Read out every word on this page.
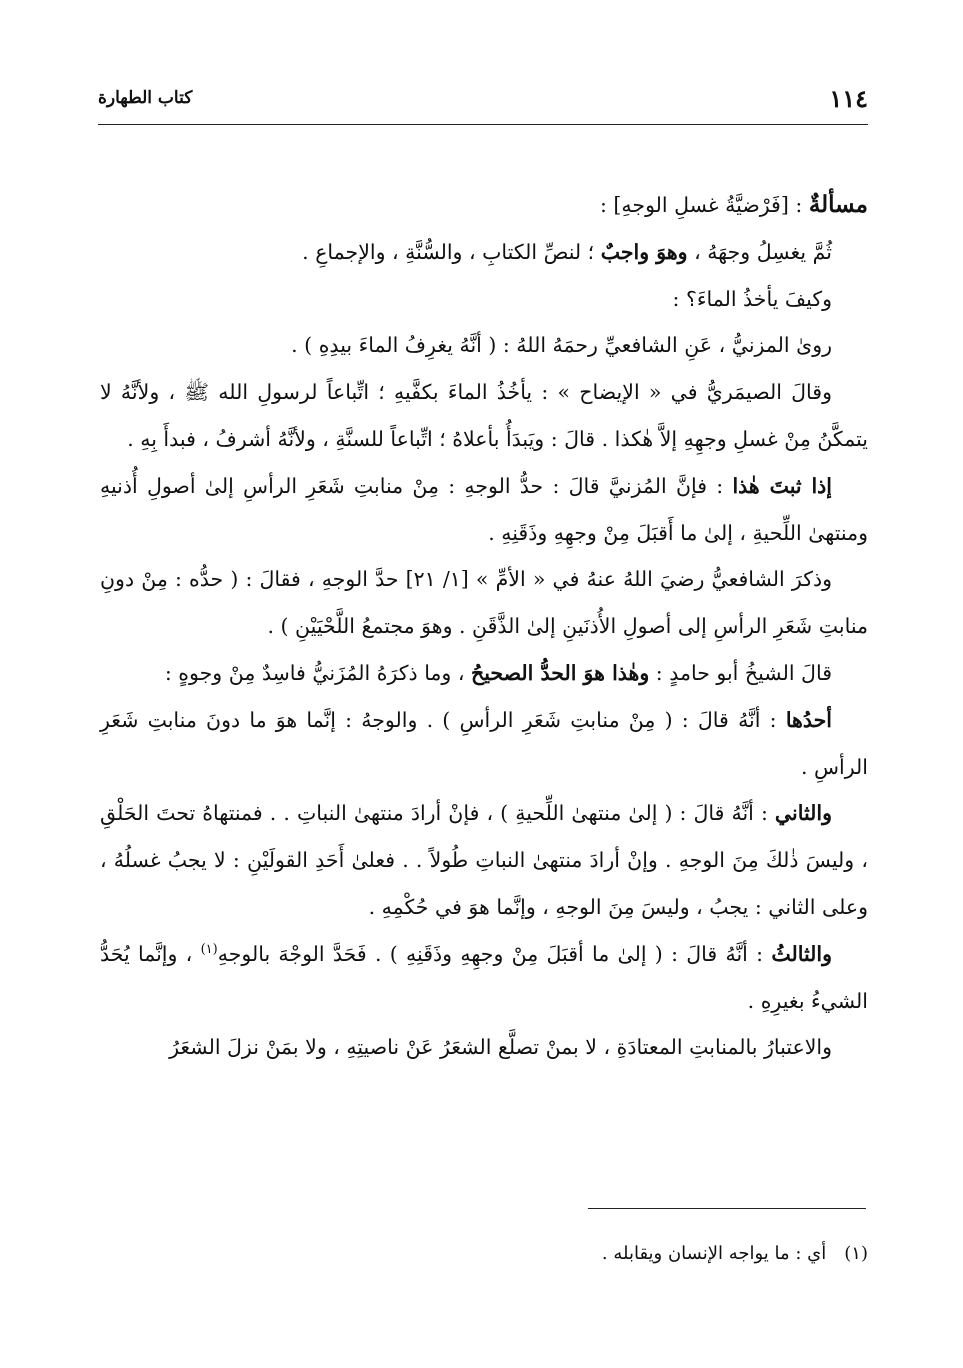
١١٤
كتاب الطهارة

مسألةٌ : [فَرْضيَّةُ غسلِ الوجهِ] :

ثُمَّ يغسِلُ وجهَهُ ، وهوَ واجبٌ ؛ لنصِّ الكتابِ ، والسُّنَّةِ ، والإجماعِ .

وكيفَ يأخذُ الماءَ؟ :

روىٰ المزنيُّ ، عَنِ الشافعيِّ رحمَهُ اللهُ : ( أنَّهُ يغرِفُ الماءَ بيدِهِ ) .

وقالَ الصيمَريُّ في « الإيضاح » : يأخُذُ الماءَ بكفَّيهِ ؛ اتِّباعاً لرسولِ الله ﷺ ، ولأنَّهُ لا يتمكَّنُ مِنْ غسلِ وجهِهِ إلاَّ هٰكذا . قالَ : ويَبدَأُ بأعلاهُ ؛ اتِّباعاً للسنَّةِ ، ولأنَّهُ أشرفُ ، فبدأَ بِهِ .

إذا ثبتَ هٰذا : فإنَّ المُزنيَّ قالَ : حدُّ الوجهِ : مِنْ منابتِ شَعَرِ الرأسِ إلىٰ أصولِ أُذنيهِ ومنتهىٰ اللِّحيةِ ، إلىٰ ما أَقبَلَ مِنْ وجهِهِ وذَقَنِهِ .

وذكرَ الشافعيُّ رضيَ اللهُ عنهُ في « الأمِّ » [١/ ٢١] حدَّ الوجهِ ، فقالَ : ( حدُّه : مِنْ دونِ منابتِ شَعَرِ الرأسِ إلى أصولِ الأُذنَينِ إلىٰ الذَّقَنِ . وهوَ مجتمعُ اللَّحْيَيْنِ ) .

قالَ الشيخُ أبو حامدٍ : وهٰذا هوَ الحدُّ الصحيحُ ، وما ذكرَهُ المُزَنيُّ فاسِدٌ مِنْ وجوهٍ :

أحدُها : أنَّهُ قالَ : ( مِنْ منابتِ شَعَرِ الرأسِ ) . والوجهُ : إنَّما هوَ ما دونَ منابتِ شَعَرِ الرأسِ .

والثاني : أنَّهُ قالَ : ( إلىٰ منتهىٰ اللِّحيةِ ) ، فإنْ أرادَ منتهىٰ النباتِ . . فمنتهاهُ تحتَ الحَلْقِ ، وليسَ ذٰلكَ مِنَ الوجهِ . وإنْ أرادَ منتهىٰ النباتِ طُولاً . . فعلىٰ أَحَدِ القولَيْنِ : لا يجبُ غسلُهُ ، وعلى الثاني : يجبُ ، وليسَ مِنَ الوجهِ ، وإنَّما هوَ في حُكْمِهِ .

والثالثُ : أنَّهُ قالَ : ( إلىٰ ما أقبَلَ مِنْ وجهِهِ وذَقَنِهِ ) . فَحَدَّ الوجْهَ بالوجهِ$^{(١)}$ ، وإنَّما يُحَدُّ الشيءُ بغيرِهِ .

والاعتبارُ بالمنابتِ المعتادَةِ ، لا بمنْ تصلَّع الشعَرُ عَنْ ناصيتِهِ ، ولا بمَنْ نزلَ الشعَرُ

(١)أي : ما يواجه الإنسان ويقابله .
